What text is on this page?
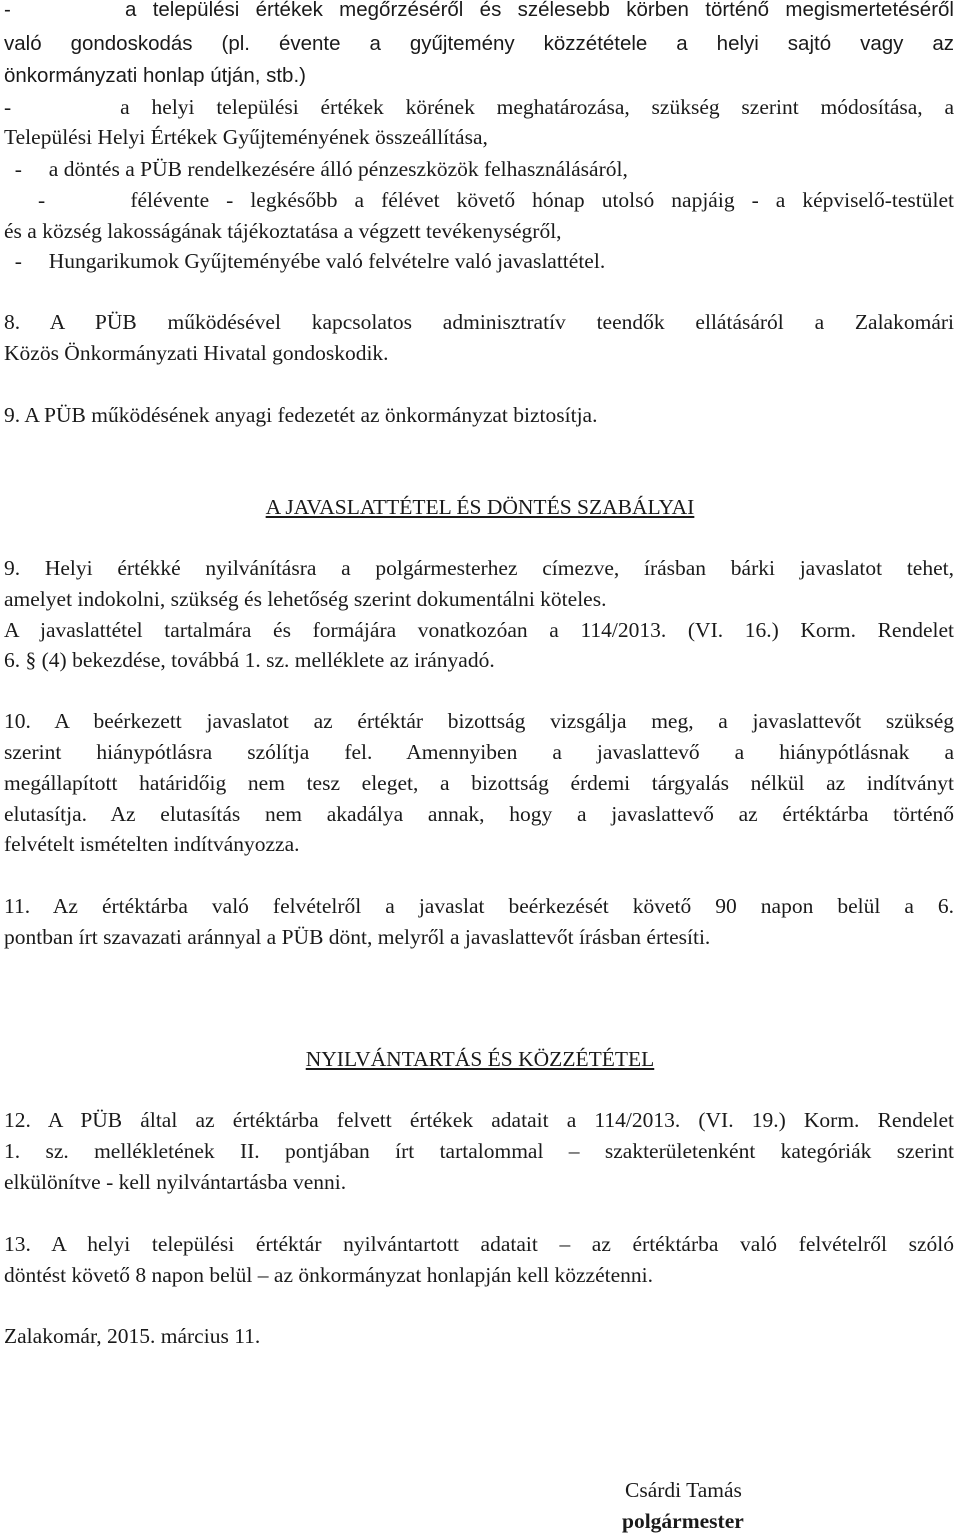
-       a települési értékek megőrzéséről és szélesebb körben történő megismertetéséről
való gondoskodás (pl. évente a gyűjtemény közzététele a helyi sajtó vagy az
önkormányzati honlap útján, stb.)
-     a helyi települési értékek körének meghatározása, szükség szerint módosítása, a
Települési Helyi Értékek Gyűjteményének összeállítása,
-     a döntés a PÜB rendelkezésére álló pénzeszközök felhasználásáról,
-     félévente - legkésőbb a félévet követő hónap utolsó napjáig - a képviselő-testület
és a község lakosságának tájékoztatása a végzett tevékenységről,
-     Hungarikumok Gyűjteményébe való felvételre való javaslattétel.
8. A PÜB működésével kapcsolatos adminisztratív teendők ellátásáról a Zalakomári
Közös Önkormányzati Hivatal gondoskodik.
9. A PÜB működésének anyagi fedezetét az önkormányzat biztosítja.
A JAVASLATTÉTEL ÉS DÖNTÉS SZABÁLYAI
9. Helyi értékké nyilvánításra a polgármesterhez címezve, írásban bárki javaslatot tehet,
amelyet indokolni, szükség és lehetőség szerint dokumentálni köteles.
A javaslattétel tartalmára és formájára vonatkozóan a 114/2013. (VI. 16.) Korm. Rendelet
6. § (4) bekezdése, továbbá 1. sz. melléklete az irányadó.
10. A beérkezett javaslatot az értéktár bizottság vizsgálja meg, a javaslattevőt szükség
szerint hiánypótlásra szólítja fel. Amennyiben a javaslattevő a hiánypótlásnak a
megállapított határidőig nem tesz eleget, a bizottság érdemi tárgyalás nélkül az indítványt
elutasítja. Az elutasítás nem akadálya annak, hogy a javaslattevő az értéktárba történő
felvételt ismételten indítványozza.
11. Az értéktárba való felvételről a javaslat beérkezését követő 90 napon belül a 6.
pontban írt szavazati aránnyal a PÜB dönt, melyről a javaslattevőt írásban értesíti.
NYILVÁNTARTÁS ÉS KÖZZÉTÉTEL
12. A PÜB által az értéktárba felvett értékek adatait a 114/2013. (VI. 19.) Korm. Rendelet
1. sz. mellékletének II. pontjában írt tartalommal – szakterületenként kategóriák szerint
elkülönítve - kell nyilvántartásba venni.
13. A helyi települési értéktár nyilvántartott adatait – az értéktárba való felvételről szóló
döntést követő 8 napon belül – az önkormányzat honlapján kell közzétenni.
Zalakomár, 2015. március 11.
Csárdi Tamás
polgármester
